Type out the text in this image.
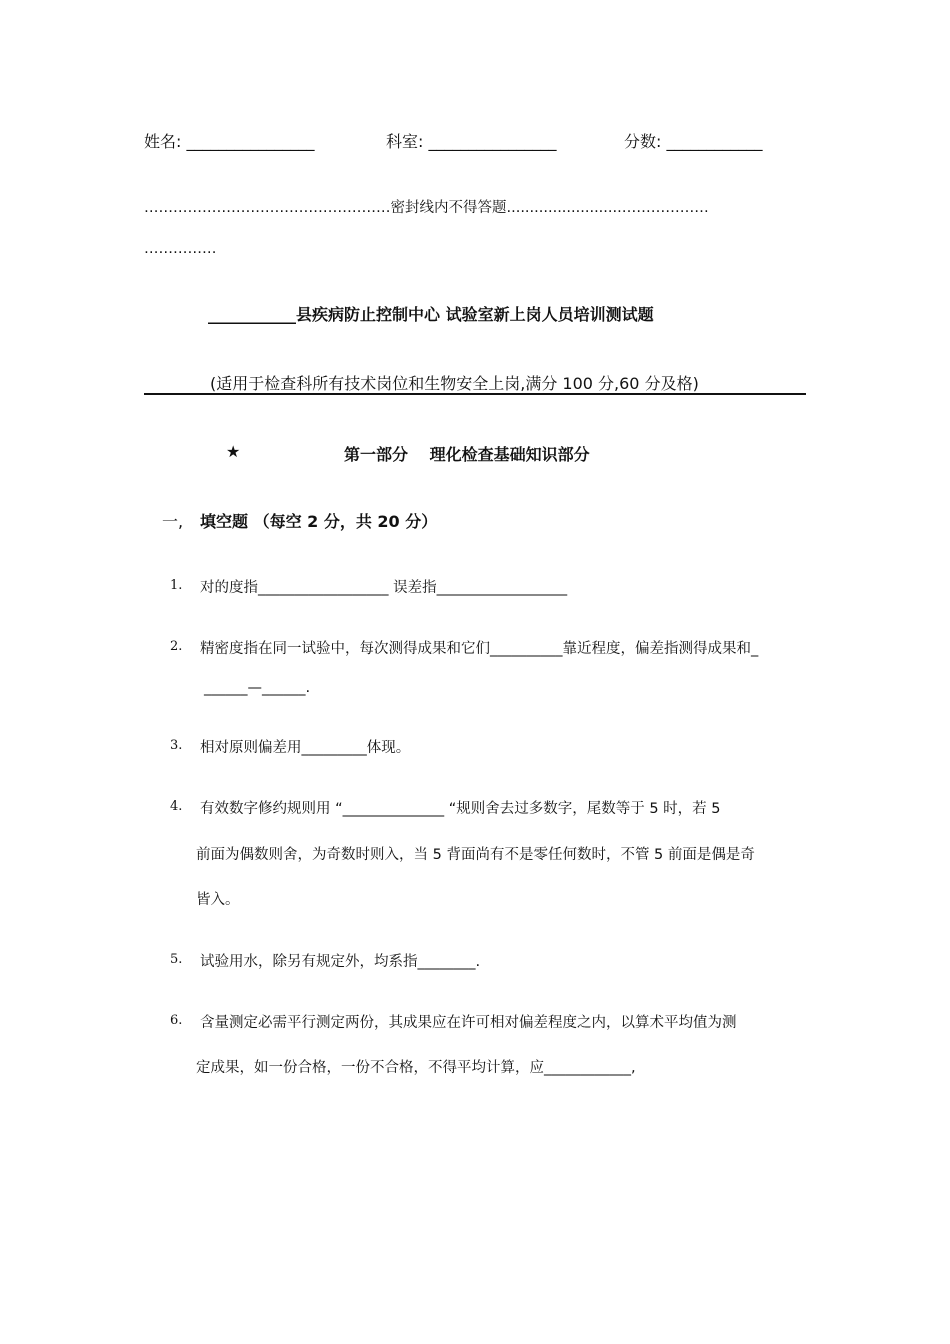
姓名: ________________	科室: ________________	分数: ____________
……………………………………………密封线内不得答题.........................………………
……………
___________县疾病防止控制中心 试验室新上岗人员培训测试题
(适用于检查科所有技术岗位和生物安全上岗,满分 100 分,60 分及格)
★	第一部分　 理化检查基础知识部分
一, 填空题 （每空 2 分，共 20 分）
1. 对的度指__________________ 误差指__________________
2. 精密度指在同一试验中，每次测得成果和它们__________靠近程度，偏差指测得成果和_
______—______.
3. 相对原则偏差用_________体现。
4. 有效数字修约规则用 “______________ “规则舍去过多数字，尾数等于 5 时，若 5
前面为偶数则舍，为奇数时则入，当 5 背面尚有不是零任何数时，不管 5 前面是偶是奇
皆入。
5. 试验用水，除另有规定外，均系指________.
6. 含量测定必需平行测定两份，其成果应在许可相对偏差程度之内，以算术平均值为测
定成果，如一份合格，一份不合格，不得平均计算，应____________,
